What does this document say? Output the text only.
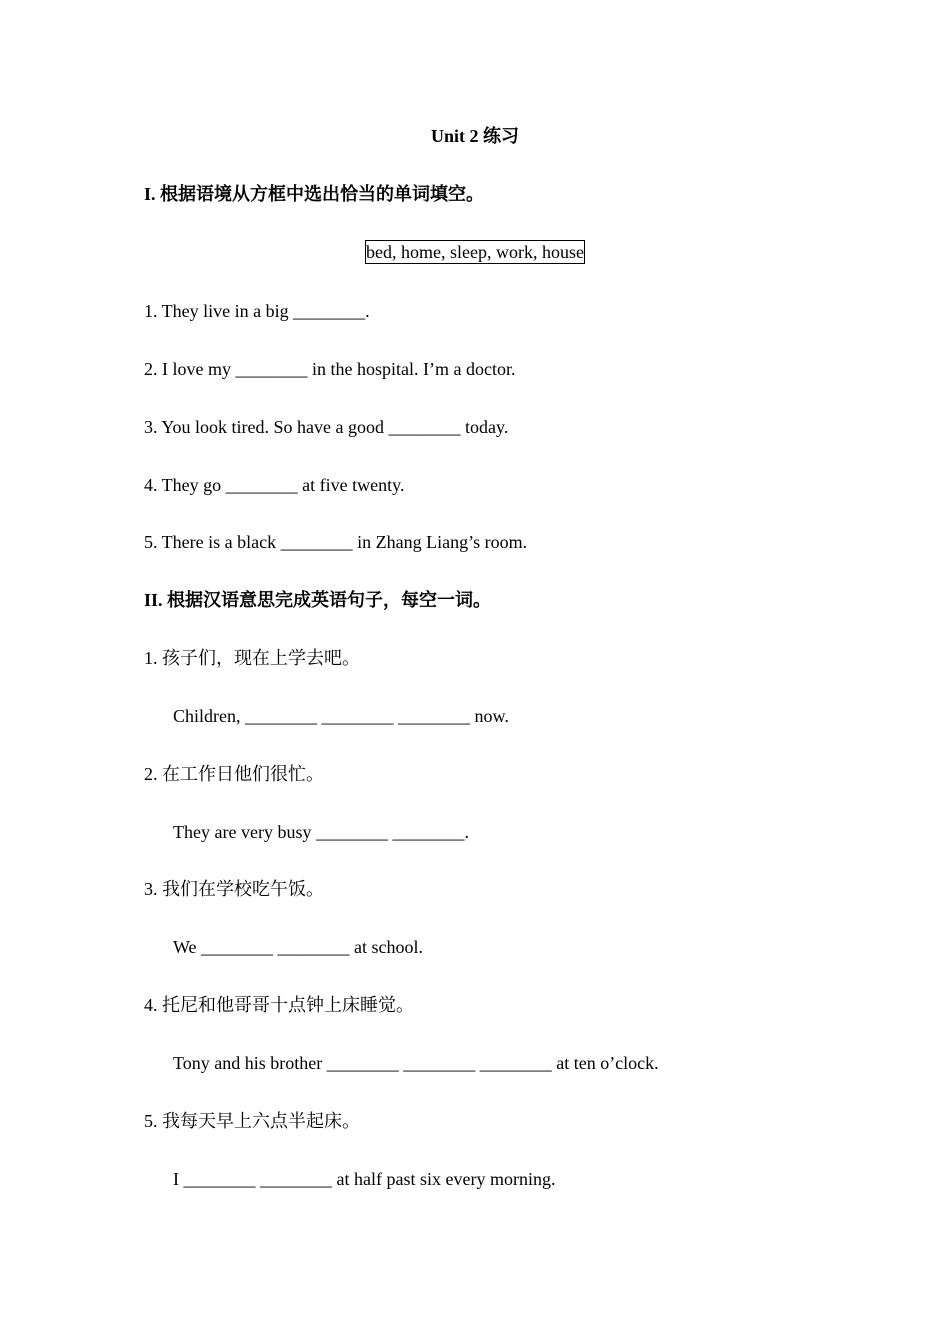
Unit 2 练习
I. 根据语境从方框中选出恰当的单词填空。
bed, home, sleep, work, house
1. They live in a big ________.
2. I love my ________ in the hospital. I’m a doctor.
3. You look tired. So have a good ________ today.
4. They go ________ at five twenty.
5. There is a black ________ in Zhang Liang’s room.
II. 根据汉语意思完成英语句子，每空一词。
1. 孩子们，现在上学去吧。
Children, ________ ________ ________ now.
2. 在工作日他们很忙。
They are very busy ________ ________.
3. 我们在学校吃午饭。
We ________ ________ at school.
4. 托尼和他哥哥十点钟上床睡觉。
Tony and his brother ________ ________ ________ at ten o’clock.
5. 我每天早上六点半起床。
I ________ ________ at half past six every morning.
